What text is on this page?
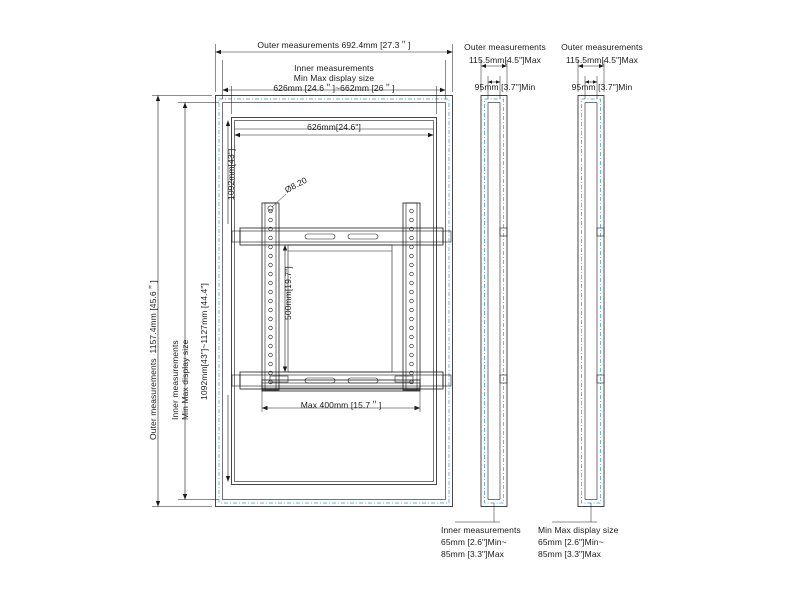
Outer measurements 692.4mm [27.3＂]
Inner measurements
Min Max display size
626mm [24.6＂]~662mm [26＂]
626mm[24.6"]
Outer measurements  1157.4mm [45.6＂] Inner measurements Min Max display size 1092mm[43"]~1127mm [44.4"]
1092mm[43"]
500mm[19.7"]
Ø8.20
Max 400mm [15.7＂]
Outer measurements
115.5mm[4.5"]Max
95mm [3.7"]Min
Inner measurements
65mm [2.6"]Min~
85mm [3.3"]Max
Outer measurements
115.5mm[4.5"]Max
95mm [3.7"]Min
Min Max display size
65mm [2.6"]Min~
85mm [3.3"]Max
